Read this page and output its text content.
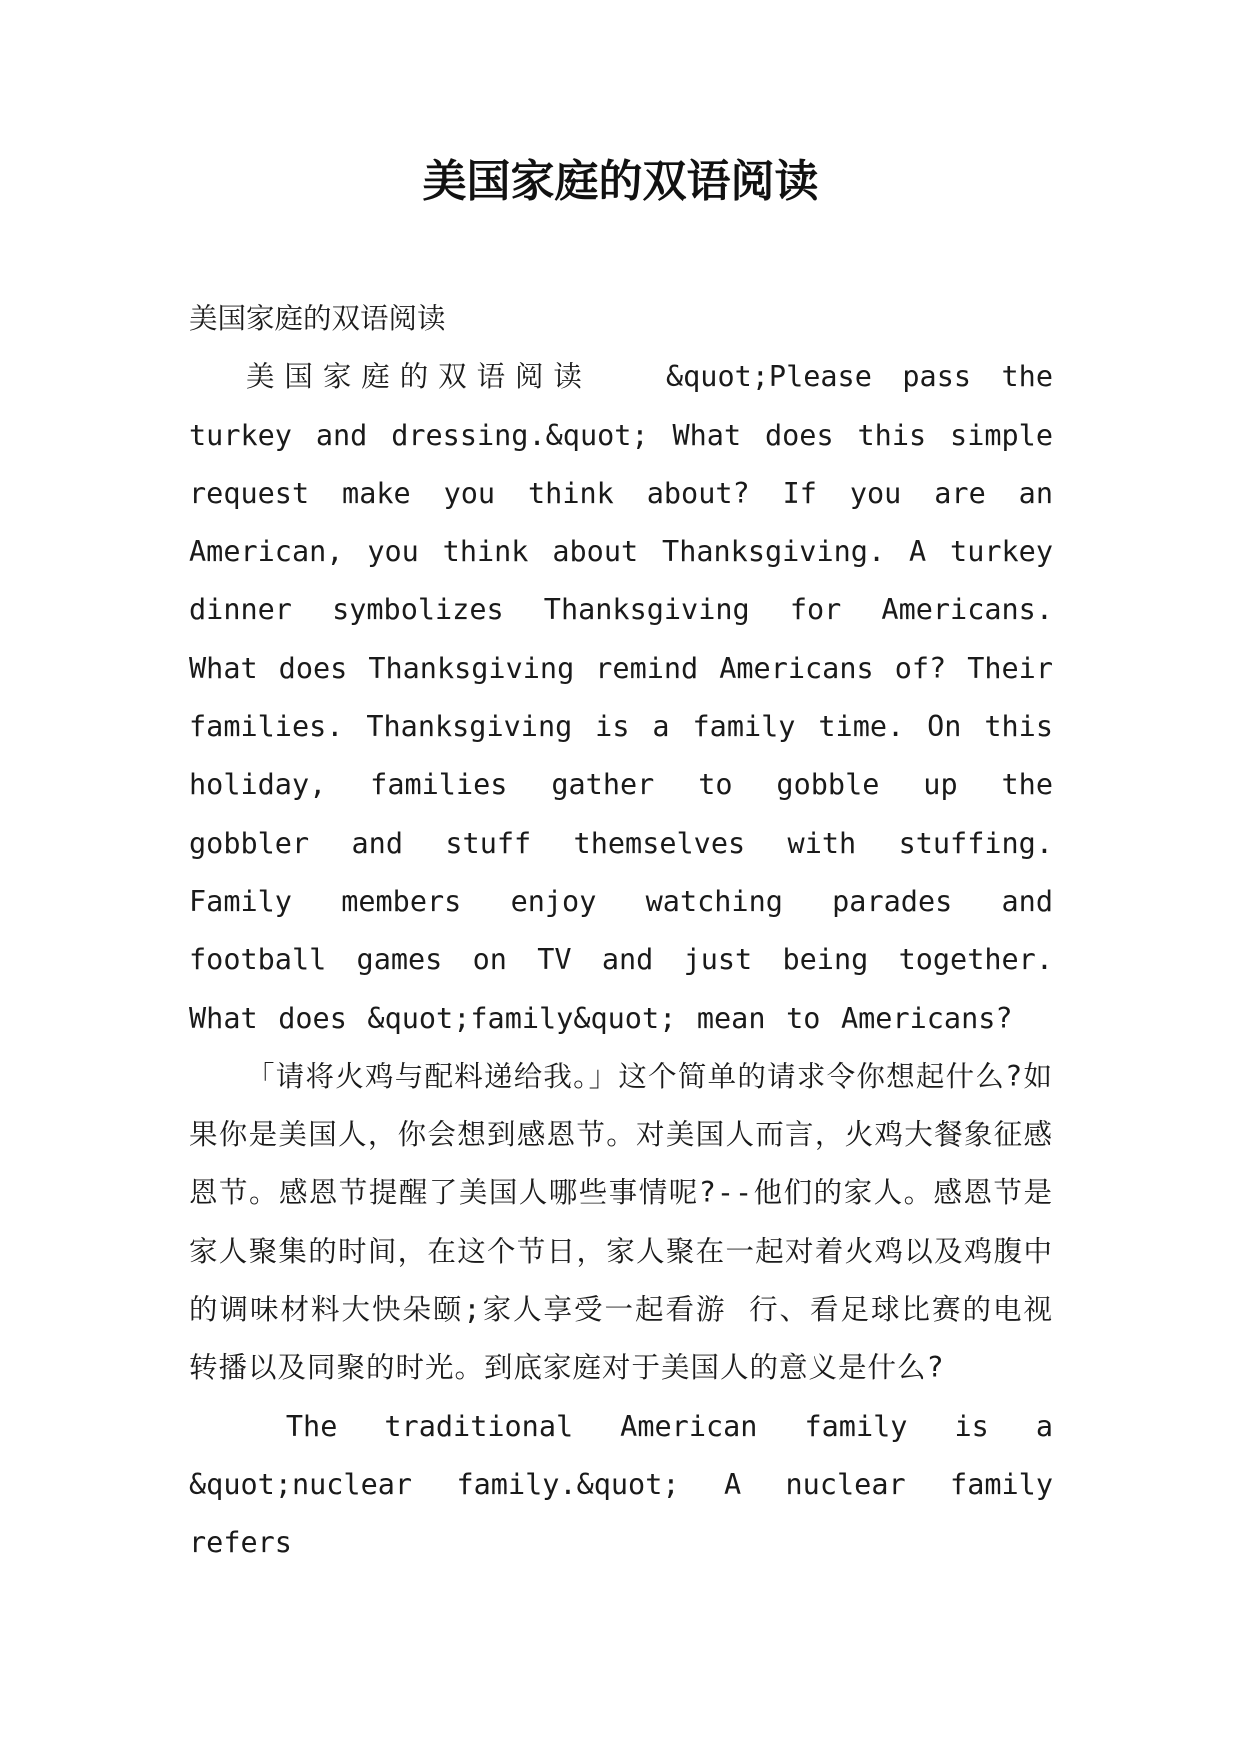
美国家庭的双语阅读

美国家庭的双语阅读

美国家庭的双语阅读	&quot;Please pass the turkey and dressing.&quot; What does this simple request make you think about? If you are an American, you think about Thanksgiving. A turkey dinner symbolizes Thanksgiving for Americans. What does Thanksgiving remind Americans of? Their families. Thanksgiving is a family time. On this holiday, families gather to gobble up the gobbler and stuff themselves with stuffing. Family members enjoy watching parades and football games on TV and just being together. What does &quot;family&quot; mean to Americans?

「请将火鸡与配料递给我。」这个简单的请求令你想起什么?如果你是美国人，你会想到感恩节。对美国人而言，火鸡大餐象征感恩节。感恩节提醒了美国人哪些事情呢?--他们的家人。感恩节是家人聚集的时间，在这个节日，家人聚在一起对着火鸡以及鸡腹中的调味材料大快朵颐;家人享受一起看游 行、看足球比赛的电视转播以及同聚的时光。到底家庭对于美国人的意义是什么?

The traditional American family is a &quot;nuclear family.&quot; A nuclear family refers
